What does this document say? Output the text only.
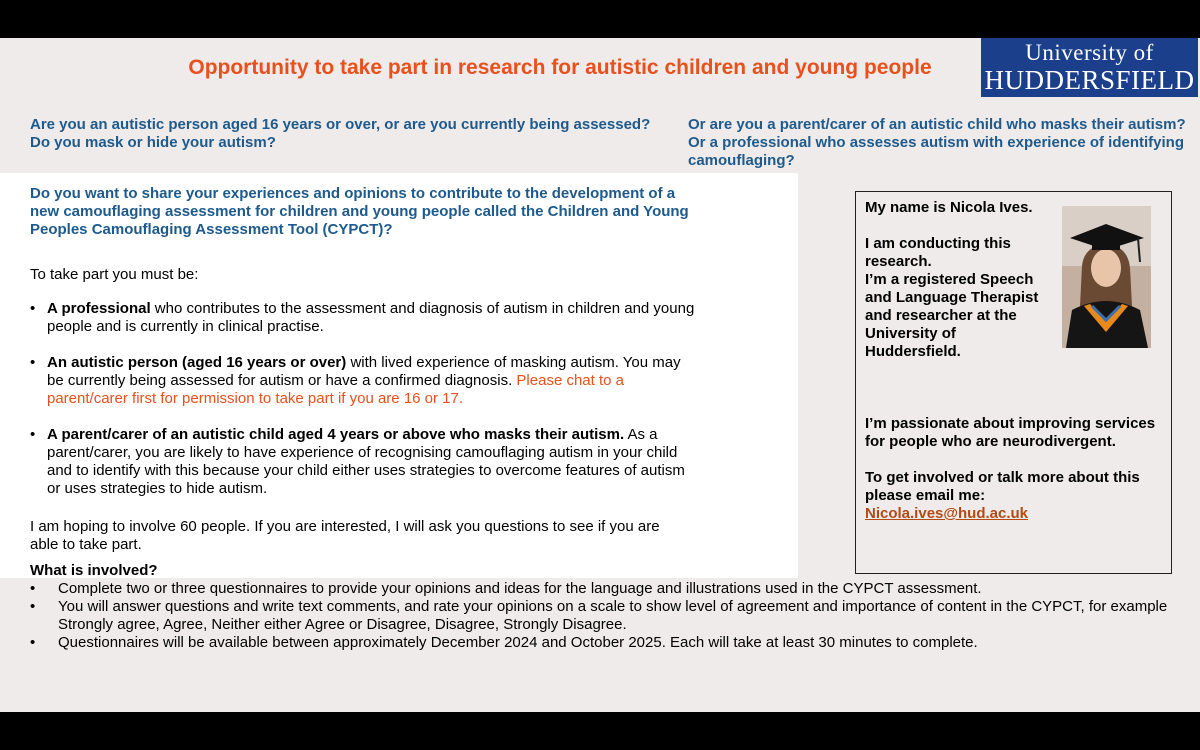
Opportunity to take part in research for autistic children and young people
University of
HUDDERSFIELD
Are you an autistic person aged 16 years or over, or are you currently being assessed? Do you mask or hide your autism?
Or are you a parent/carer of an autistic child who masks their autism? Or a professional who assesses autism with experience of identifying camouflaging?
Do you want to share your experiences and opinions to contribute to the development of a new camouflaging assessment for children and young people called the Children and Young Peoples Camouflaging Assessment Tool (CYPCT)?
To take part you must be:
• A professional who contributes to the assessment and diagnosis of autism in children and young people and is currently in clinical practise.
• An autistic person (aged 16 years or over) with lived experience of masking autism. You may be currently being assessed for autism or have a confirmed diagnosis. Please chat to a parent/carer first for permission to take part if you are 16 or 17.
• A parent/carer of an autistic child aged 4 years or above who masks their autism. As a parent/carer, you are likely to have experience of recognising camouflaging autism in your child and to identify with this because your child either uses strategies to overcome features of autism or uses strategies to hide autism.
I am hoping to involve 60 people. If you are interested, I will ask you questions to see if you are able to take part.
My name is Nicola Ives.
I am conducting this research.
I’m a registered Speech and Language Therapist and researcher at the University of Huddersfield.
I’m passionate about improving services for people who are neurodivergent.
To get involved or talk more about this please email me:
Nicola.ives@hud.ac.uk
What is involved?
• Complete two or three questionnaires to provide your opinions and ideas for the language and illustrations used in the CYPCT assessment.
• You will answer questions and write text comments, and rate your opinions on a scale to show level of agreement and importance of content in the CYPCT, for example Strongly agree, Agree, Neither either Agree or Disagree, Disagree, Strongly Disagree.
• Questionnaires will be available between approximately December 2024 and October 2025. Each will take at least 30 minutes to complete.
